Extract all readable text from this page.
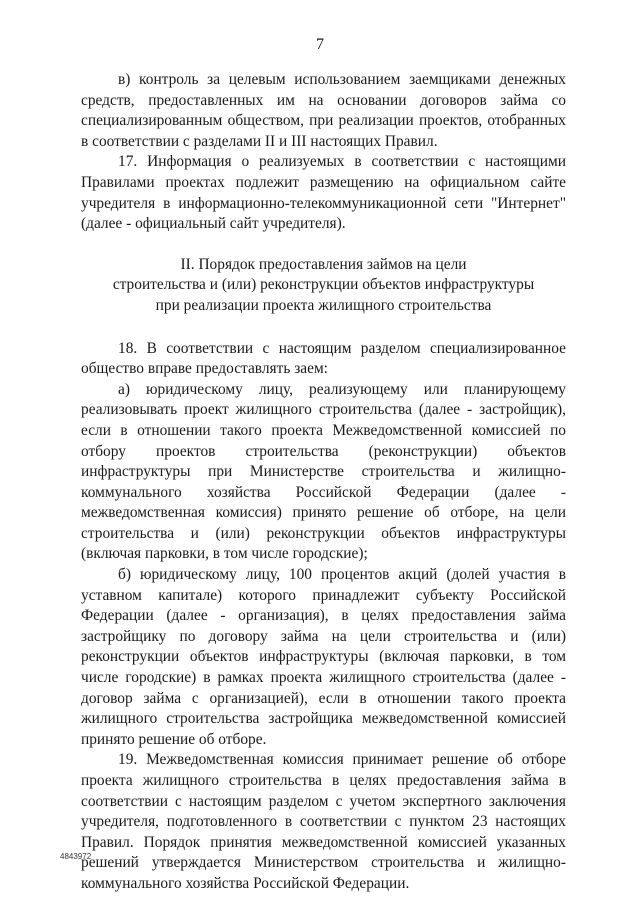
7

в) контроль за целевым использованием заемщиками денежных средств, предоставленных им на основании договоров займа со специализированным обществом, при реализации проектов, отобранных в соответствии с разделами II и III настоящих Правил.

17. Информация о реализуемых в соответствии с настоящими Правилами проектах подлежит размещению на официальном сайте учредителя в информационно-телекоммуникационной сети "Интернет" (далее - официальный сайт учредителя).

II. Порядок предоставления займов на цели
строительства и (или) реконструкции объектов инфраструктуры
при реализации проекта жилищного строительства

18. В соответствии с настоящим разделом специализированное общество вправе предоставлять заем:

а) юридическому лицу, реализующему или планирующему реализовывать проект жилищного строительства (далее - застройщик), если в отношении такого проекта Межведомственной комиссией по отбору проектов строительства (реконструкции) объектов инфраструктуры при Министерстве строительства и жилищно-коммунального хозяйства Российской Федерации (далее - межведомственная комиссия) принято решение об отборе, на цели строительства и (или) реконструкции объектов инфраструктуры (включая парковки, в том числе городские);

б) юридическому лицу, 100 процентов акций (долей участия в уставном капитале) которого принадлежит субъекту Российской Федерации (далее - организация), в целях предоставления займа застройщику по договору займа на цели строительства и (или) реконструкции объектов инфраструктуры (включая парковки, в том числе городские) в рамках проекта жилищного строительства (далее - договор займа с организацией), если в отношении такого проекта жилищного строительства застройщика межведомственной комиссией принято решение об отборе.

19. Межведомственная комиссия принимает решение об отборе проекта жилищного строительства в целях предоставления займа в соответствии с настоящим разделом с учетом экспертного заключения учредителя, подготовленного в соответствии с пунктом 23 настоящих Правил. Порядок принятия межведомственной комиссией указанных решений утверждается Министерством строительства и жилищно-коммунального хозяйства Российской Федерации.

4843972
